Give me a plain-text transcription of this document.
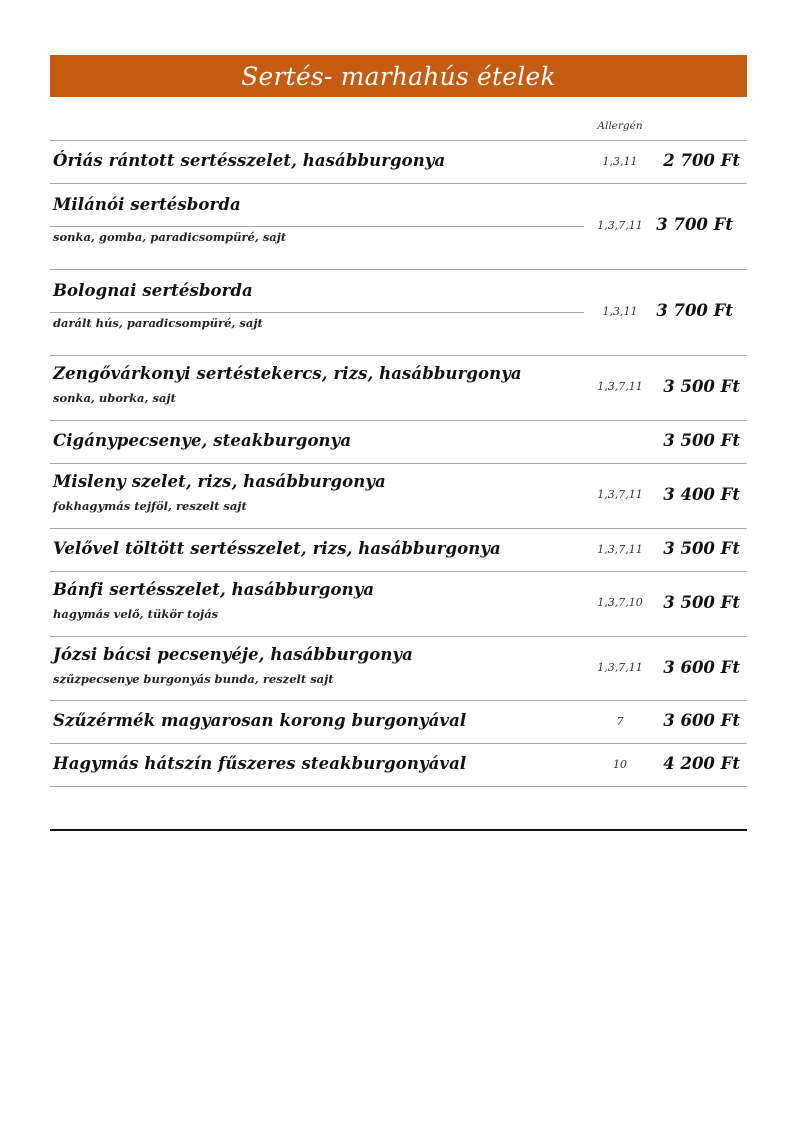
Sertés- marhahús ételek
Allergén
Óriás rántott sertésszelet, hasábburgonya	1,3,11	2 700 Ft
Milánói sertésborda
sonka, gomba, paradicsompüré, sajt
1,3,7,11 3 700 Ft
Bolognai sertésborda
darált hús, paradicsompüré, sajt
1,3,11	3 700 Ft
Zengővárkonyi sertéstekercs, rizs, hasábburgonya
sonka, uborka, sajt
1,3,7,11	3 500 Ft
Cigánypecsenye, steakburgonya	3 500 Ft
Misleny szelet, rizs, hasábburgonya
fokhagymás tejföl, reszelt sajt
1,3,7,11	3 400 Ft
Velővel töltött sertésszelet, rizs, hasábburgonya	1,3,7,11	3 500 Ft
Bánfi sertésszelet, hasábburgonya
hagymás velő, tükör tojás
1,3,7,10	3 500 Ft
Józsi bácsi pecsenyéje, hasábburgonya
szűzpecsenye burgonyás bunda, reszelt sajt
1,3,7,11	3 600 Ft
Szűzérmék magyarosan korong burgonyával	7	3 600 Ft
Hagymás hátszín fűszeres steakburgonyával	10	4 200 Ft
